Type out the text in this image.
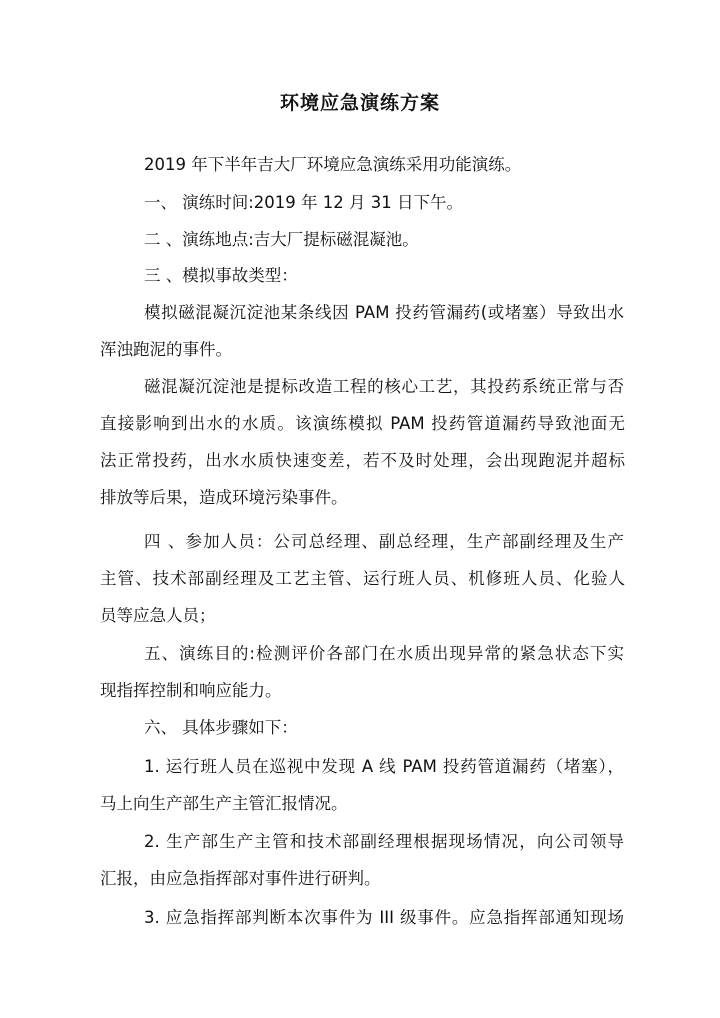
环境应急演练方案
2019 年下半年吉大厂环境应急演练采用功能演练。
一、 演练时间:2019 年 12 月 31 日下午。
二 、演练地点:吉大厂提标磁混凝池。
三 、模拟事故类型：
模拟磁混凝沉淀池某条线因 PAM 投药管漏药(或堵塞）导致出水
浑浊跑泥的事件。
磁混凝沉淀池是提标改造工程的核心工艺，其投药系统正常与否
直接影响到出水的水质。该演练模拟 PAM 投药管道漏药导致池面无
法正常投药，出水水质快速变差，若不及时处理，会出现跑泥并超标
排放等后果，造成环境污染事件。
四 、参加人员：公司总经理、副总经理，生产部副经理及生产
主管、技术部副经理及工艺主管、运行班人员、机修班人员、化验人
员等应急人员；
五、演练目的:检测评价各部门在水质出现异常的紧急状态下实
现指挥控制和响应能力。
六、 具体步骤如下：
1. 运行班人员在巡视中发现 A 线 PAM 投药管道漏药（堵塞），
马上向生产部生产主管汇报情况。
2. 生产部生产主管和技术部副经理根据现场情况，向公司领导
汇报，由应急指挥部对事件进行研判。
3. 应急指挥部判断本次事件为 III 级事件。应急指挥部通知现场
